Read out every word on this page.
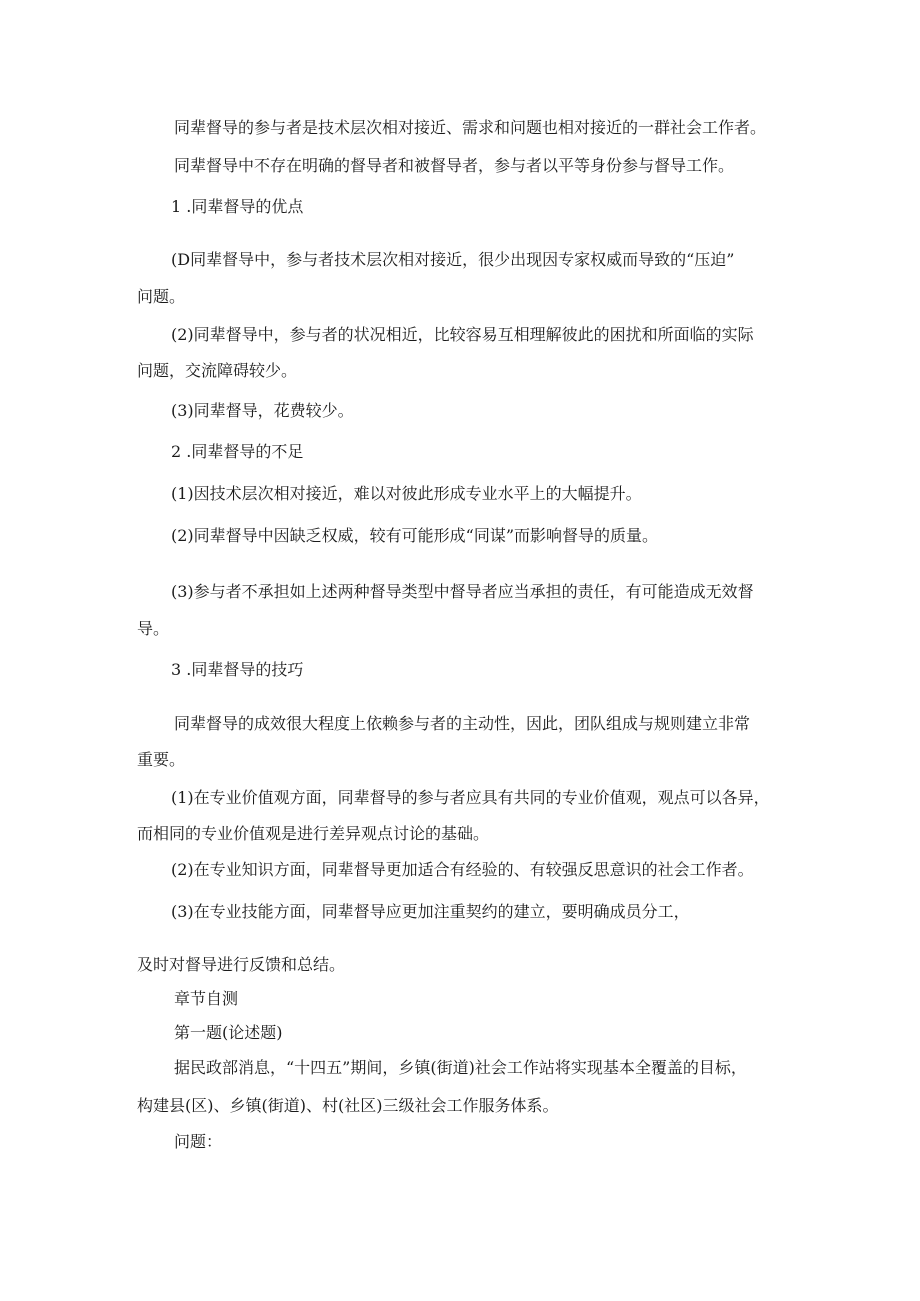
同辈督导的参与者是技术层次相对接近、需求和问题也相对接近的一群社会工作者。

同辈督导中不存在明确的督导者和被督导者，参与者以平等身份参与督导工作。

1 .同辈督导的优点

(D同辈督导中，参与者技术层次相对接近，很少出现因专家权威而导致的“压迫”

问题。

(2)同辈督导中，参与者的状况相近，比较容易互相理解彼此的困扰和所面临的实际

问题，交流障碍较少。

(3)同辈督导，花费较少。

2 .同辈督导的不足

(1)因技术层次相对接近，难以对彼此形成专业水平上的大幅提升。

(2)同辈督导中因缺乏权威，较有可能形成“同谋”而影响督导的质量。

(3)参与者不承担如上述两种督导类型中督导者应当承担的责任，有可能造成无效督

导。

3 .同辈督导的技巧

同辈督导的成效很大程度上依赖参与者的主动性，因此，团队组成与规则建立非常

重要。

(1)在专业价值观方面，同辈督导的参与者应具有共同的专业价值观，观点可以各异，

而相同的专业价值观是进行差异观点讨论的基础。

(2)在专业知识方面，同辈督导更加适合有经验的、有较强反思意识的社会工作者。

(3)在专业技能方面，同辈督导应更加注重契约的建立，要明确成员分工，

及时对督导进行反馈和总结。

章节自测

第一题(论述题)

据民政部消息，“十四五”期间，乡镇(街道)社会工作站将实现基本全覆盖的目标，

构建县(区)、乡镇(街道)、村(社区)三级社会工作服务体系。

问题：
